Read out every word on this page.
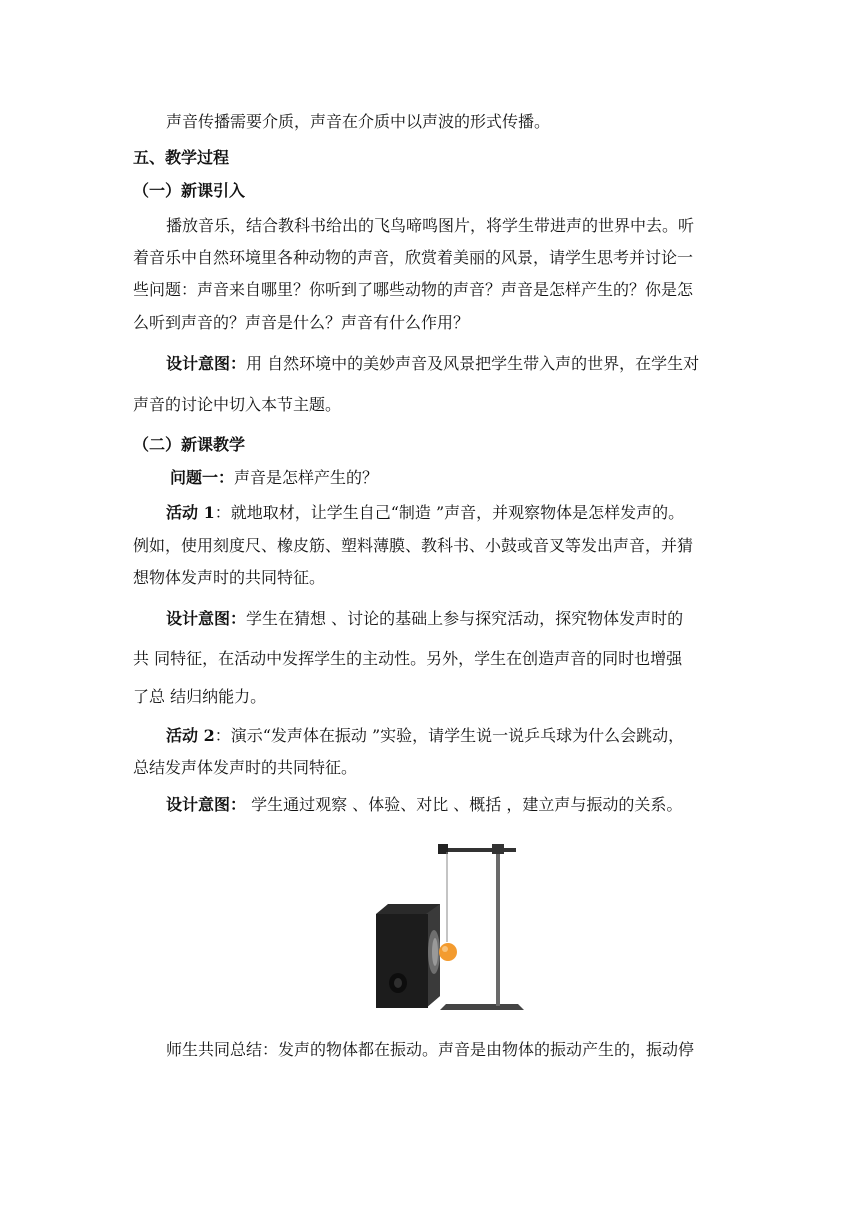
声音传播需要介质，声音在介质中以声波的形式传播。
五、教学过程
（一）新课引入
播放音乐，结合教科书给出的飞鸟啼鸣图片，将学生带进声的世界中去。听
着音乐中自然环境里各种动物的声音，欣赏着美丽的风景，请学生思考并讨论一
些问题：声音来自哪里？你听到了哪些动物的声音？声音是怎样产生的？你是怎
么听到声音的？声音是什么？声音有什么作用？
设计意图：用 自然环境中的美妙声音及风景把学生带入声的世界，在学生对
声音的讨论中切入本节主题。
（二）新课教学
问题一：声音是怎样产生的？
活动 1：就地取材，让学生自己“制造 ”声音，并观察物体是怎样发声的。
例如，使用刻度尺、橡皮筋、塑料薄膜、教科书、小鼓或音叉等发出声音，并猜
想物体发声时的共同特征。
设计意图：学生在猜想 、讨论的基础上参与探究活动，探究物体发声时的
共 同特征，在活动中发挥学生的主动性。另外，学生在创造声音的同时也增强
了总 结归纳能力。
活动 2：演示“发声体在振动 ”实验，请学生说一说乒乓球为什么会跳动，
总结发声体发声时的共同特征。
设计意图： 学生通过观察 、体验、对比 、概括 ，建立声与振动的关系。
师生共同总结：发声的物体都在振动。声音是由物体的振动产生的，振动停
